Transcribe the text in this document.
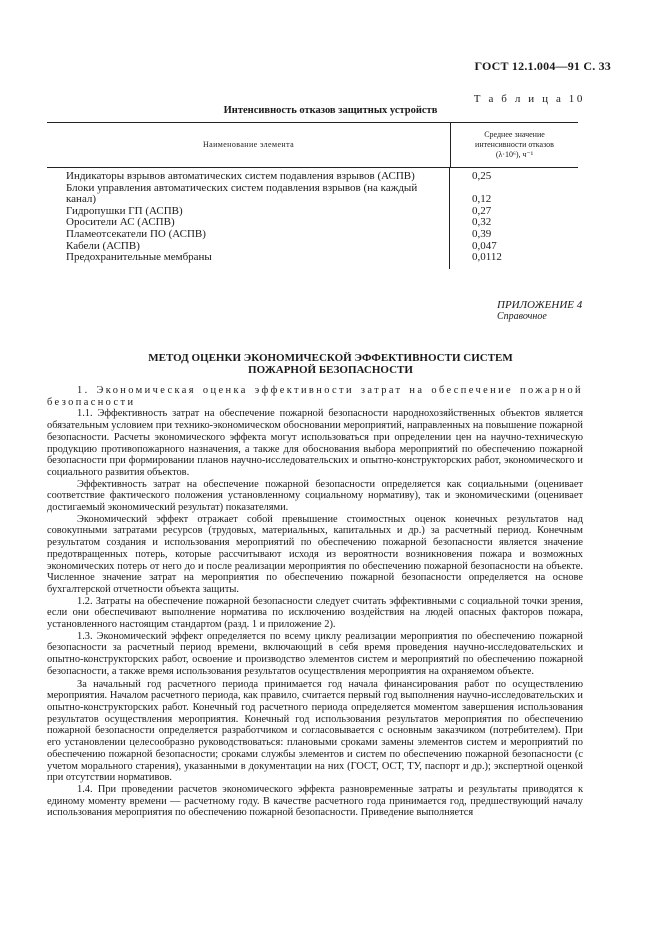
ГОСТ 12.1.004—91 С. 33
Т а б л и ц а 10
Интенсивность отказов защитных устройств
Наименование элемента
Среднее значение
интенсивности отказов
(λ·10⁶), ч⁻¹
Индикаторы взрывов автоматических систем подавления взрывов (АСПВ)
Блоки управления автоматических систем подавления взрывов (на каждый
канал)
Гидропушки ГП (АСПВ)
Оросители АС (АСПВ)
Пламеотсекатели ПО (АСПВ)
Кабели (АСПВ)
Предохранительные мембраны
0,25

0,12
0,27
0,32
0,39
0,047
0,0112
ПРИЛОЖЕНИЕ 4
Справочное
МЕТОД ОЦЕНКИ ЭКОНОМИЧЕСКОЙ ЭФФЕКТИВНОСТИ СИСТЕМ
ПОЖАРНОЙ БЕЗОПАСНОСТИ

1. Экономическая оценка эффективности затрат на обеспечение пожарной безопасности

1.1. Эффективность затрат на обеспечение пожарной безопасности народнохозяйственных объектов является обязательным условием при технико-экономическом обосновании мероприятий, направленных на повышение пожарной безопасности. Расчеты экономического эффекта могут использоваться при определении цен на научно-техническую продукцию противопожарного назначения, а также для обоснования выбора мероприятий по обеспечению пожарной безопасности при формировании планов научно-исследовательских и опытно-конструкторских работ, экономического и социального развития объектов.

Эффективность затрат на обеспечение пожарной безопасности определяется как социальными (оценивает соответствие фактического положения установленному социальному нормативу), так и экономическими (оценивает достигаемый экономический результат) показателями.

Экономический эффект отражает собой превышение стоимостных оценок конечных результатов над совокупными затратами ресурсов (трудовых, материальных, капитальных и др.) за расчетный период. Конечным результатом создания и использования мероприятий по обеспечению пожарной безопасности является значение предотвращенных потерь, которые рассчитывают исходя из вероятности возникновения пожара и возможных экономических потерь от него до и после реализации мероприятия по обеспечению пожарной безопасности на объекте. Численное значение затрат на мероприятия по обеспечению пожарной безопасности определяется на основе бухгалтерской отчетности объекта защиты.

1.2. Затраты на обеспечение пожарной безопасности следует считать эффективными с социальной точки зрения, если они обеспечивают выполнение норматива по исключению воздействия на людей опасных факторов пожара, установленного настоящим стандартом (разд. 1 и приложение 2).

1.3. Экономический эффект определяется по всему циклу реализации мероприятия по обеспечению пожарной безопасности за расчетный период времени, включающий в себя время проведения научно-исследовательских и опытно-конструкторских работ, освоение и производство элементов систем и мероприятий по обеспечению пожарной безопасности, а также время использования результатов осуществления мероприятия на охраняемом объекте.

За начальный год расчетного периода принимается год начала финансирования работ по осуществлению мероприятия. Началом расчетного периода, как правило, считается первый год выполнения научно-исследовательских и опытно-конструкторских работ. Конечный год расчетного периода определяется моментом завершения использования результатов осуществления мероприятия. Конечный год использования результатов мероприятия по обеспечению пожарной безопасности определяется разработчиком и согласовывается с основным заказчиком (потребителем). При его установлении целесообразно руководствоваться: плановыми сроками замены элементов систем и мероприятий по обеспечению пожарной безопасности; сроками службы элементов и систем по обеспечению пожарной безопасности (с учетом морального старения), указанными в документации на них (ГОСТ, ОСТ, ТУ, паспорт и др.); экспертной оценкой при отсутствии нормативов.

1.4. При проведении расчетов экономического эффекта разновременные затраты и результаты приводятся к единому моменту времени — расчетному году. В качестве расчетного года принимается год, предшествующий началу использования мероприятия по обеспечению пожарной безопасности. Приведение выполняется
